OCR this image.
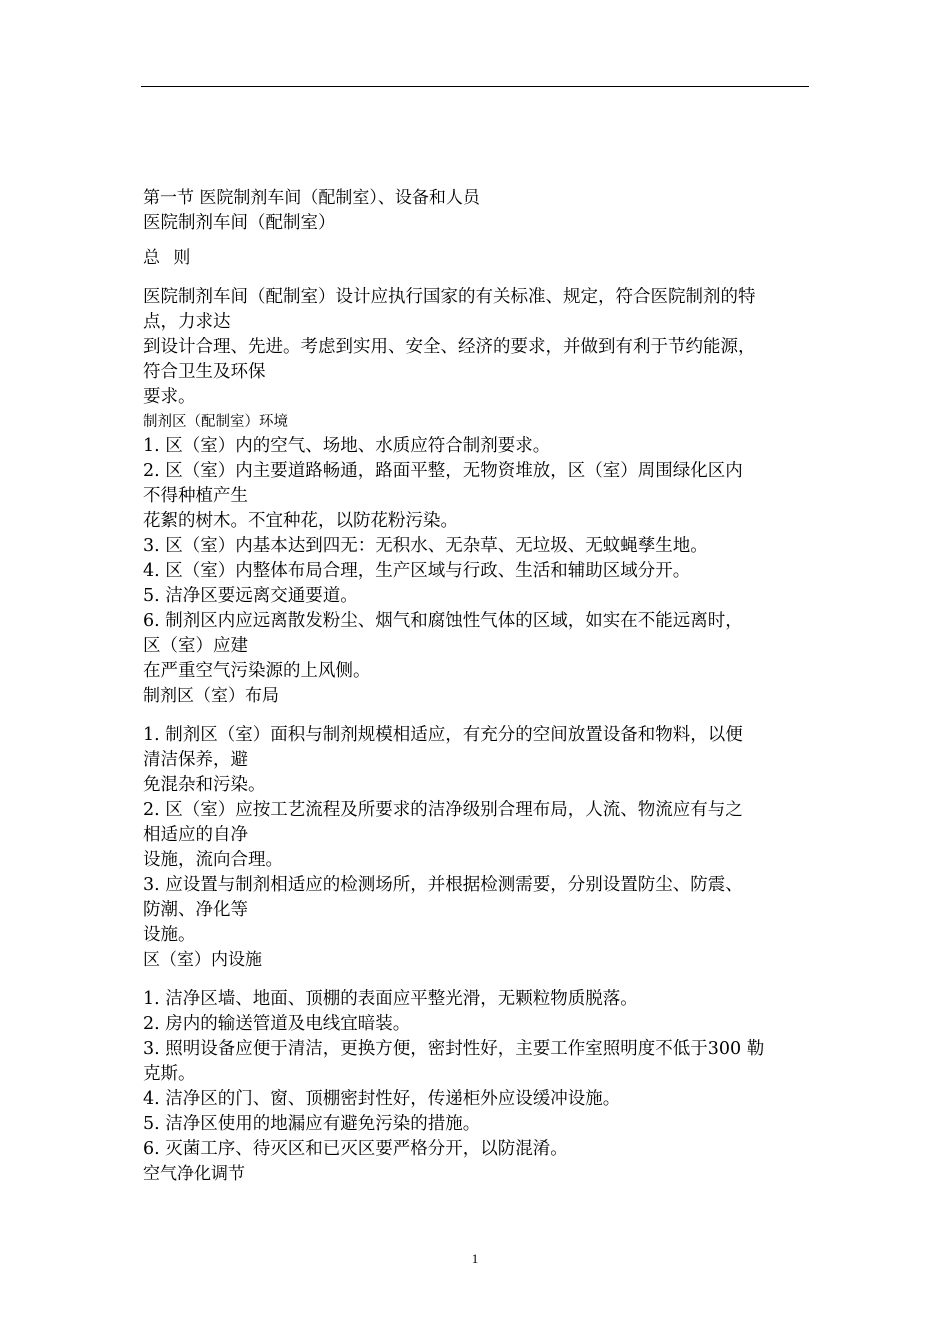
第一节 医院制剂车间（配制室）、设备和人员

医院制剂车间（配制室）

总 则

医院制剂车间（配制室）设计应执行国家的有关标准、规定，符合医院制剂的特

点，力求达

到设计合理、先进。考虑到实用、安全、经济的要求，并做到有利于节约能源，

符合卫生及环保

要求。

制剂区（配制室）环境

1. 区（室）内的空气、场地、水质应符合制剂要求。

2. 区（室）内主要道路畅通，路面平整，无物资堆放，区（室）周围绿化区内

不得种植产生

花絮的树木。不宜种花，以防花粉污染。

3. 区（室）内基本达到四无：无积水、无杂草、无垃圾、无蚊蝇孳生地。

4. 区（室）内整体布局合理，生产区域与行政、生活和辅助区域分开。

5. 洁净区要远离交通要道。

6. 制剂区内应远离散发粉尘、烟气和腐蚀性气体的区域，如实在不能远离时，

区（室）应建

在严重空气污染源的上风侧。

制剂区（室）布局

1. 制剂区（室）面积与制剂规模相适应，有充分的空间放置设备和物料，以便

清洁保养，避

免混杂和污染。

2. 区（室）应按工艺流程及所要求的洁净级别合理布局，人流、物流应有与之

相适应的自净

设施，流向合理。

3. 应设置与制剂相适应的检测场所，并根据检测需要，分别设置防尘、防震、

防潮、净化等

设施。

区（室）内设施

1. 洁净区墙、地面、顶棚的表面应平整光滑，无颗粒物质脱落。

2. 房内的输送管道及电线宜暗装。

3. 照明设备应便于清洁，更换方便，密封性好，主要工作室照明度不低于300 勒

克斯。

4. 洁净区的门、窗、顶棚密封性好，传递柜外应设缓冲设施。

5. 洁净区使用的地漏应有避免污染的措施。

6. 灭菌工序、待灭区和已灭区要严格分开，以防混淆。

空气净化调节

1
